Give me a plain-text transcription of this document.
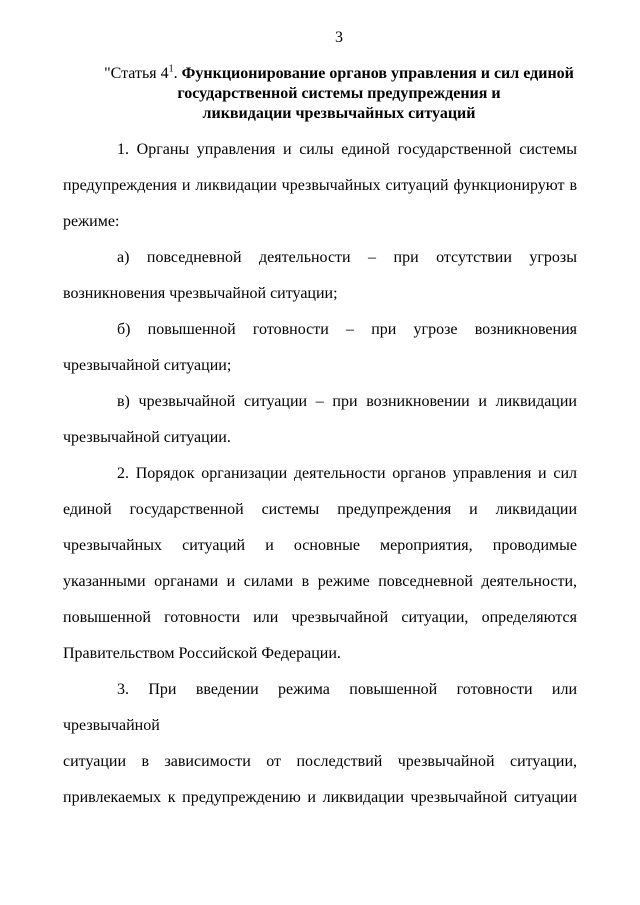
3
"Статья $4^1$. Функционирование органов управления и сил единой
государственной системы предупреждения и
ликвидации чрезвычайных ситуаций
1. Органы управления и силы единой государственной системы
предупреждения и ликвидации чрезвычайных ситуаций функционируют в
режиме:
а) повседневной деятельности – при отсутствии угрозы
возникновения чрезвычайной ситуации;
б) повышенной готовности – при угрозе возникновения
чрезвычайной ситуации;
в) чрезвычайной ситуации – при возникновении и ликвидации
чрезвычайной ситуации.
2. Порядок организации деятельности органов управления и сил
единой государственной системы предупреждения и ликвидации
чрезвычайных ситуаций и основные мероприятия, проводимые
указанными органами и силами в режиме повседневной деятельности,
повышенной готовности или чрезвычайной ситуации, определяются
Правительством Российской Федерации.
3. При введении режима повышенной готовности или чрезвычайной
ситуации в зависимости от последствий чрезвычайной ситуации,
привлекаемых к предупреждению и ликвидации чрезвычайной ситуации
